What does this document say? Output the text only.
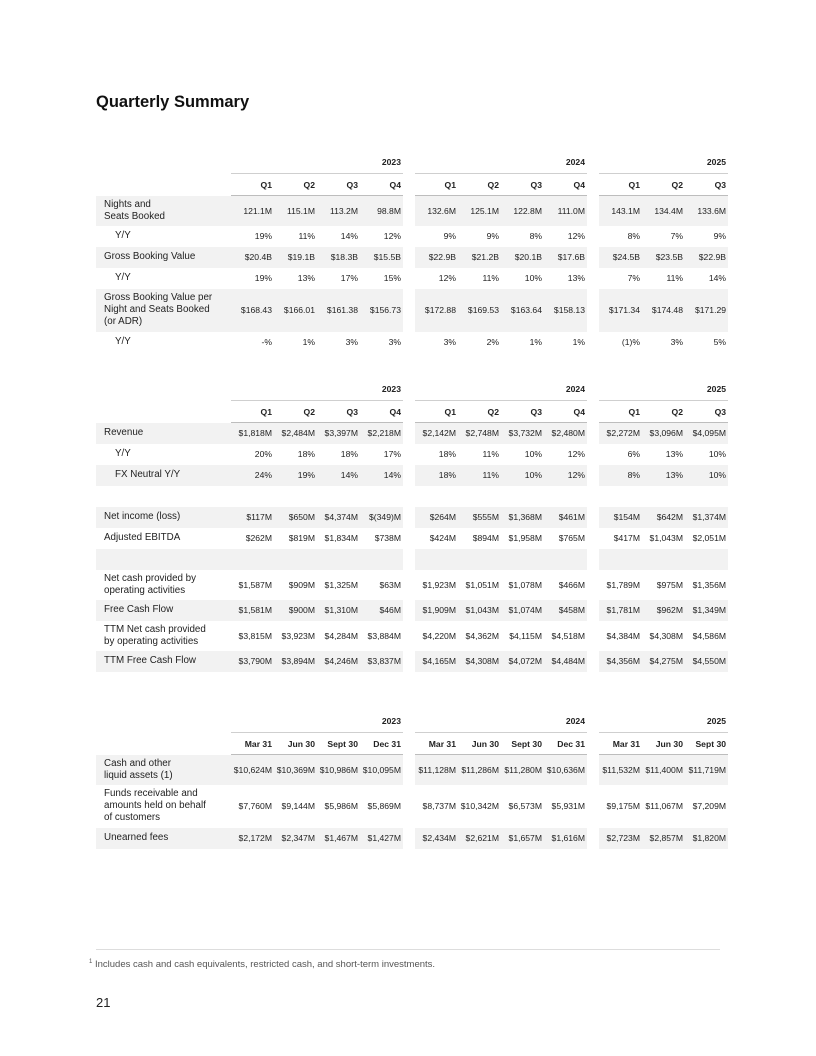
Quarterly Summary
	2023					2024					2025		
	Q1	Q2	Q3	Q4		Q1	Q2	Q3	Q4		Q1	Q2	Q3
Nights and
Seats Booked	121.1M	115.1M	113.2M	98.8M		132.6M	125.1M	122.8M	111.0M		143.1M	134.4M	133.6M
Y/Y	19%	11%	14%	12%		9%	9%	8%	12%		8%	7%	9%
Gross Booking Value	$20.4B	$19.1B	$18.3B	$15.5B		$22.9B	$21.2B	$20.1B	$17.6B		$24.5B	$23.5B	$22.9B
Y/Y	19%	13%	17%	15%		12%	11%	10%	13%		7%	11%	14%
Gross Booking Value per
Night and Seats Booked
(or ADR)	$168.43	$166.01	$161.38	$156.73		$172.88	$169.53	$163.64	$158.13		$171.34	$174.48	$171.29
Y/Y	-%	1%	3%	3%		3%	2%	1%	1%		(1)%	3%	5%
	2023					2024					2025		
	Q1	Q2	Q3	Q4		Q1	Q2	Q3	Q4		Q1	Q2	Q3
Revenue	$1,818M	$2,484M	$3,397M	$2,218M		$2,142M	$2,748M	$3,732M	$2,480M		$2,272M	$3,096M	$4,095M
Y/Y	20%	18%	18%	17%		18%	11%	10%	12%		6%	13%	10%
FX Neutral Y/Y	24%	19%	14%	14%		18%	11%	10%	12%		8%	13%	10%

Net income (loss)	$117M	$650M	$4,374M	$(349)M		$264M	$555M	$1,368M	$461M		$154M	$642M	$1,374M
Adjusted EBITDA	$262M	$819M	$1,834M	$738M		$424M	$894M	$1,958M	$765M		$417M	$1,043M	$2,051M

Net cash provided by
operating activities	$1,587M	$909M	$1,325M	$63M		$1,923M	$1,051M	$1,078M	$466M		$1,789M	$975M	$1,356M
Free Cash Flow	$1,581M	$900M	$1,310M	$46M		$1,909M	$1,043M	$1,074M	$458M		$1,781M	$962M	$1,349M
TTM Net cash provided
by operating activities	$3,815M	$3,923M	$4,284M	$3,884M		$4,220M	$4,362M	$4,115M	$4,518M		$4,384M	$4,308M	$4,586M
TTM Free Cash Flow	$3,790M	$3,894M	$4,246M	$3,837M		$4,165M	$4,308M	$4,072M	$4,484M		$4,356M	$4,275M	$4,550M
	2023					2024					2025		
	Mar 31	Jun 30	Sept 30	Dec 31		Mar 31	Jun 30	Sept 30	Dec 31		Mar 31	Jun 30	Sept 30
Cash and other
liquid assets (1)	$10,624M	$10,369M	$10,986M	$10,095M		$11,128M	$11,286M	$11,280M	$10,636M		$11,532M	$11,400M	$11,719M
Funds receivable and
amounts held on behalf
of customers	$7,760M	$9,144M	$5,986M	$5,869M		$8,737M	$10,342M	$6,573M	$5,931M		$9,175M	$11,067M	$7,209M
Unearned fees	$2,172M	$2,347M	$1,467M	$1,427M		$2,434M	$2,621M	$1,657M	$1,616M		$2,723M	$2,857M	$1,820M
$^1$ Includes cash and cash equivalents, restricted cash, and short-term investments.
21
